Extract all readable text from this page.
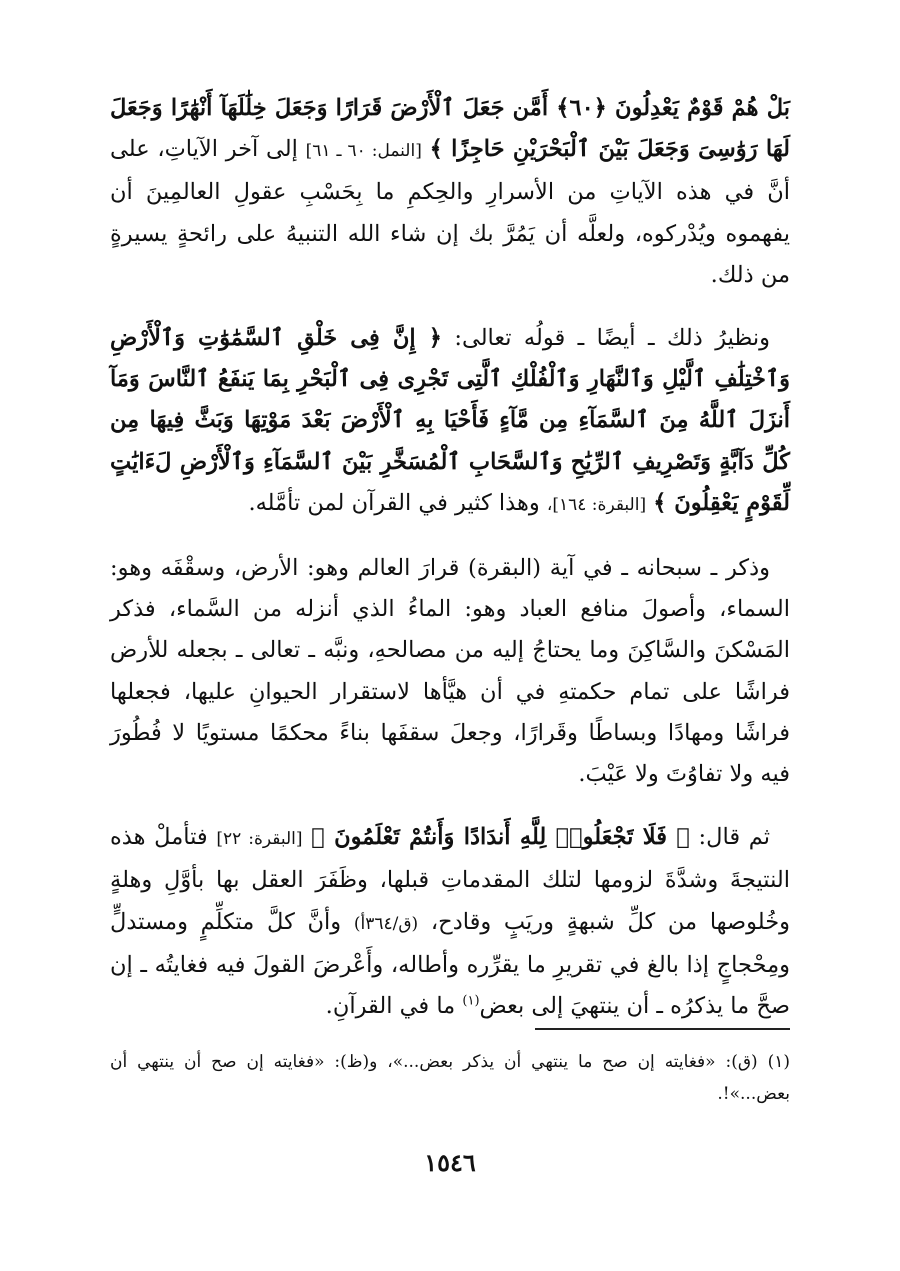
بَلْ هُمْ قَوْمٌ يَعْدِلُونَ ﴿٦٠﴾ أَمَّن جَعَلَ ٱلْأَرْضَ قَرَارًا وَجَعَلَ خِلَٰلَهَآ أَنْهَٰرًا وَجَعَلَ لَهَا رَوَٰسِىَ وَجَعَلَ بَيْنَ ٱلْبَحْرَيْنِ حَاجِزًا ﴾ [النمل: ٦٠ ـ ٦١] إلى آخر الآياتِ، على أنَّ في هذه الآياتِ من الأسرارِ والحِكمِ ما بِحَسْبِ عقولِ العالمِينَ أن يفهموه ويُدْركوه، ولعلَّه أن يَمُرَّ بك إن شاء الله التنبيهُ على رائحةٍ يسيرةٍ من ذلك.

ونظيرُ ذلك ـ أيضًا ـ قولُه تعالى: ﴿ إِنَّ فِى خَلْقِ ٱلسَّمَٰوَٰتِ وَٱلْأَرْضِ وَٱخْتِلَٰفِ ٱلَّيْلِ وَٱلنَّهَارِ وَٱلْفُلْكِ ٱلَّتِى تَجْرِى فِى ٱلْبَحْرِ بِمَا يَنفَعُ ٱلنَّاسَ وَمَآ أَنزَلَ ٱللَّهُ مِنَ ٱلسَّمَآءِ مِن مَّآءٍ فَأَحْيَا بِهِ ٱلْأَرْضَ بَعْدَ مَوْتِهَا وَبَثَّ فِيهَا مِن كُلِّ دَآبَّةٍ وَتَصْرِيفِ ٱلرِّيَٰحِ وَٱلسَّحَابِ ٱلْمُسَخَّرِ بَيْنَ ٱلسَّمَآءِ وَٱلْأَرْضِ لَءَايَٰتٍ لِّقَوْمٍ يَعْقِلُونَ ﴾ [البقرة: ١٦٤]، وهذا كثير في القرآن لمن تأمَّله.

وذكر ـ سبحانه ـ في آية (البقرة) قرارَ العالم وهو: الأرض، وسقْفَه وهو: السماء، وأصولَ منافع العباد وهو: الماءُ الذي أنزله من السَّماء، فذكر المَسْكنَ والسَّاكِنَ وما يحتاجُ إليه من مصالحهِ، ونبَّه ـ تعالى ـ بجعله للأرض فراشًا على تمام حكمتهِ في أن هيَّأها لاستقرار الحيوانِ عليها، فجعلها فراشًا ومهادًا وبساطًا وقَرارًا، وجعلَ سقفَها بناءً محكمًا مستويًا لا فُطُورَ فيه ولا تفاوُتَ ولا عَيْبَ.

ثم قال: ﴿ فَلَا تَجْعَلُوا۟ لِلَّهِ أَندَادًا وَأَنتُمْ تَعْلَمُونَ ﴾ [البقرة: ٢٢] فتأملْ هذه النتيجةَ وشدَّةَ لزومها لتلك المقدماتِ قبلها، وظَفَرَ العقل بها بأوَّلِ وهلةٍ وخُلوصها من كلِّ شبهةٍ وريَبٍ وقادح، (ق/٣٦٤أ) وأنَّ كلَّ متكلِّمٍ ومستدلٍّ ومِحْجاجٍ إذا بالغ في تقريرِ ما يقرِّره وأطاله، وأَعْرضَ القولَ فيه فغايتُه ـ إن صحَّ ما يذكرُه ـ أن ينتهيَ إلى بعض$^{(١)}$ ما في القرآنِ.

(١) (ق): «فغايته إن صح ما ينتهي أن يذكر بعض...»، و(ظ): «فغايته إن صح أن ينتهي أن بعض...»!.
١٥٤٦
